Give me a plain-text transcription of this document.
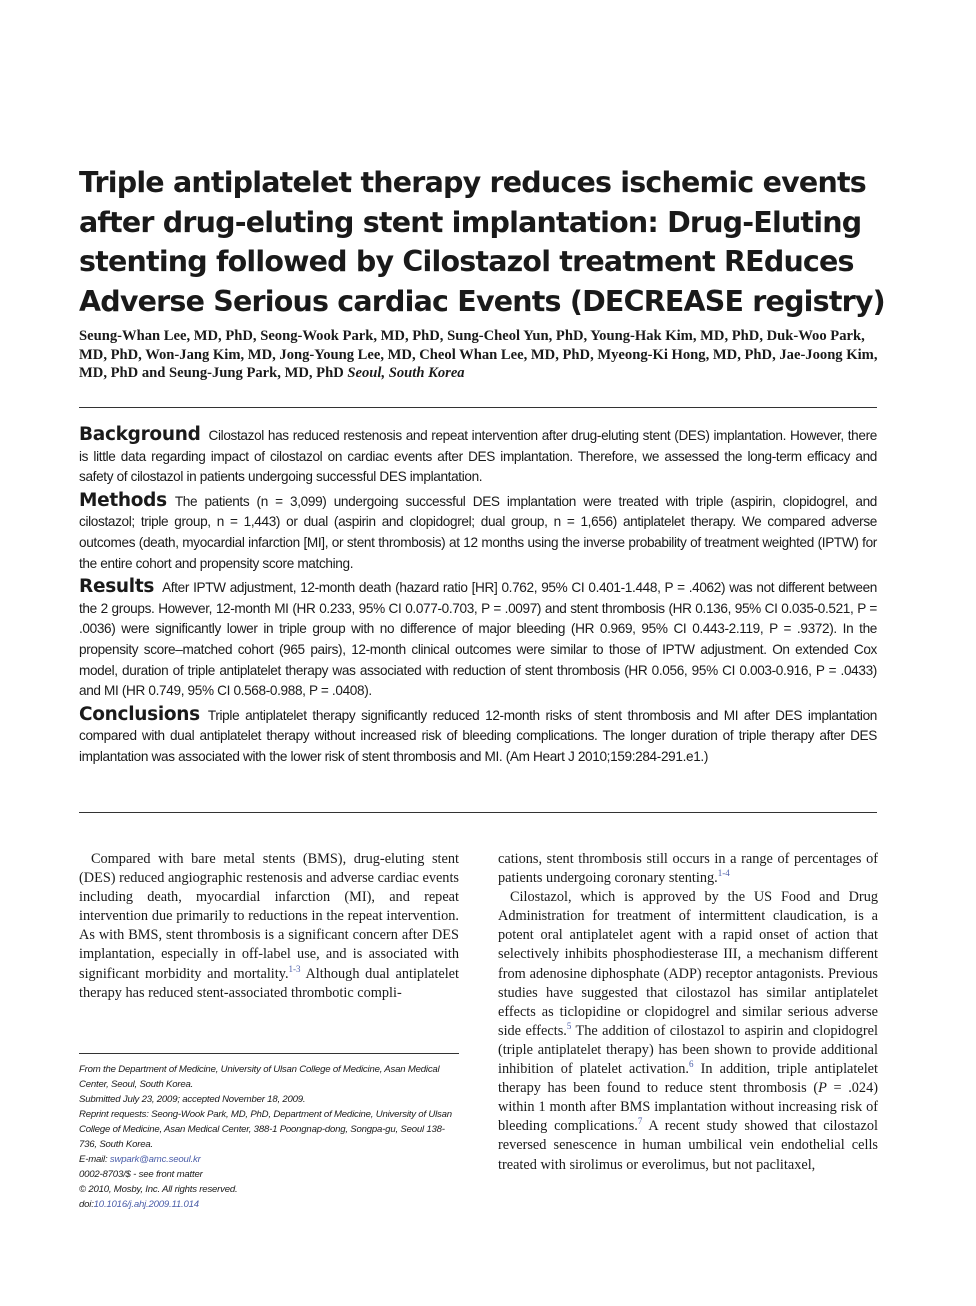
Triple antiplatelet therapy reduces ischemic events after drug-eluting stent implantation: Drug-Eluting stenting followed by Cilostazol treatment REduces Adverse Serious cardiac Events (DECREASE registry)

Seung-Whan Lee, MD, PhD, Seong-Wook Park, MD, PhD, Sung-Cheol Yun, PhD, Young-Hak Kim, MD, PhD, Duk-Woo Park, MD, PhD, Won-Jang Kim, MD, Jong-Young Lee, MD, Cheol Whan Lee, MD, PhD, Myeong-Ki Hong, MD, PhD, Jae-Joong Kim, MD, PhD and Seung-Jung Park, MD, PhD Seoul, South Korea

Background Cilostazol has reduced restenosis and repeat intervention after drug-eluting stent (DES) implantation. However, there is little data regarding impact of cilostazol on cardiac events after DES implantation. Therefore, we assessed the long-term efficacy and safety of cilostazol in patients undergoing successful DES implantation.

Methods The patients (n = 3,099) undergoing successful DES implantation were treated with triple (aspirin, clopidogrel, and cilostazol; triple group, n = 1,443) or dual (aspirin and clopidogrel; dual group, n = 1,656) antiplatelet therapy. We compared adverse outcomes (death, myocardial infarction [MI], or stent thrombosis) at 12 months using the inverse probability of treatment weighted (IPTW) for the entire cohort and propensity score matching.

Results After IPTW adjustment, 12-month death (hazard ratio [HR] 0.762, 95% CI 0.401-1.448, P = .4062) was not different between the 2 groups. However, 12-month MI (HR 0.233, 95% CI 0.077-0.703, P = .0097) and stent thrombosis (HR 0.136, 95% CI 0.035-0.521, P = .0036) were significantly lower in triple group with no difference of major bleeding (HR 0.969, 95% CI 0.443-2.119, P = .9372). In the propensity score–matched cohort (965 pairs), 12-month clinical outcomes were similar to those of IPTW adjustment. On extended Cox model, duration of triple antiplatelet therapy was associated with reduction of stent thrombosis (HR 0.056, 95% CI 0.003-0.916, P = .0433) and MI (HR 0.749, 95% CI 0.568-0.988, P = .0408).

Conclusions Triple antiplatelet therapy significantly reduced 12-month risks of stent thrombosis and MI after DES implantation compared with dual antiplatelet therapy without increased risk of bleeding complications. The longer duration of triple therapy after DES implantation was associated with the lower risk of stent thrombosis and MI. (Am Heart J 2010;159:284-291.e1.)

Compared with bare metal stents (BMS), drug-eluting stent (DES) reduced angiographic restenosis and adverse cardiac events including death, myocardial infarction (MI), and repeat intervention due primarily to reductions in the repeat intervention. As with BMS, stent thrombosis is a significant concern after DES implantation, especially in off-label use, and is associated with significant morbidity and mortality.$^{1-3}$ Although dual antiplatelet therapy has reduced stent-associated thrombotic compli-

cations, stent thrombosis still occurs in a range of percentages of patients undergoing coronary stenting.$^{1-4}$

Cilostazol, which is approved by the US Food and Drug Administration for treatment of intermittent claudication, is a potent oral antiplatelet agent with a rapid onset of action that selectively inhibits phosphodiesterase III, a mechanism different from adenosine diphosphate (ADP) receptor antagonists. Previous studies have suggested that cilostazol has similar antiplatelet effects as ticlopidine or clopidogrel and similar serious adverse side effects.$^5$ The addition of cilostazol to aspirin and clopidogrel (triple antiplatelet therapy) has been shown to provide additional inhibition of platelet activation.$^6$ In addition, triple antiplatelet therapy has been found to reduce stent thrombosis (P = .024) within 1 month after BMS implantation without increasing risk of bleeding complications.$^7$ A recent study showed that cilostazol reversed senescence in human umbilical vein endothelial cells treated with sirolimus or everolimus, but not paclitaxel,

From the Department of Medicine, University of Ulsan College of Medicine, Asan Medical Center, Seoul, South Korea.

Submitted July 23, 2009; accepted November 18, 2009.

Reprint requests: Seong-Wook Park, MD, PhD, Department of Medicine, University of Ulsan College of Medicine, Asan Medical Center, 388-1 Poongnap-dong, Songpa-gu, Seoul 138-736, South Korea.

E-mail: swpark@amc.seoul.kr

0002-8703/$ - see front matter

© 2010, Mosby, Inc. All rights reserved.

doi:10.1016/j.ahj.2009.11.014
